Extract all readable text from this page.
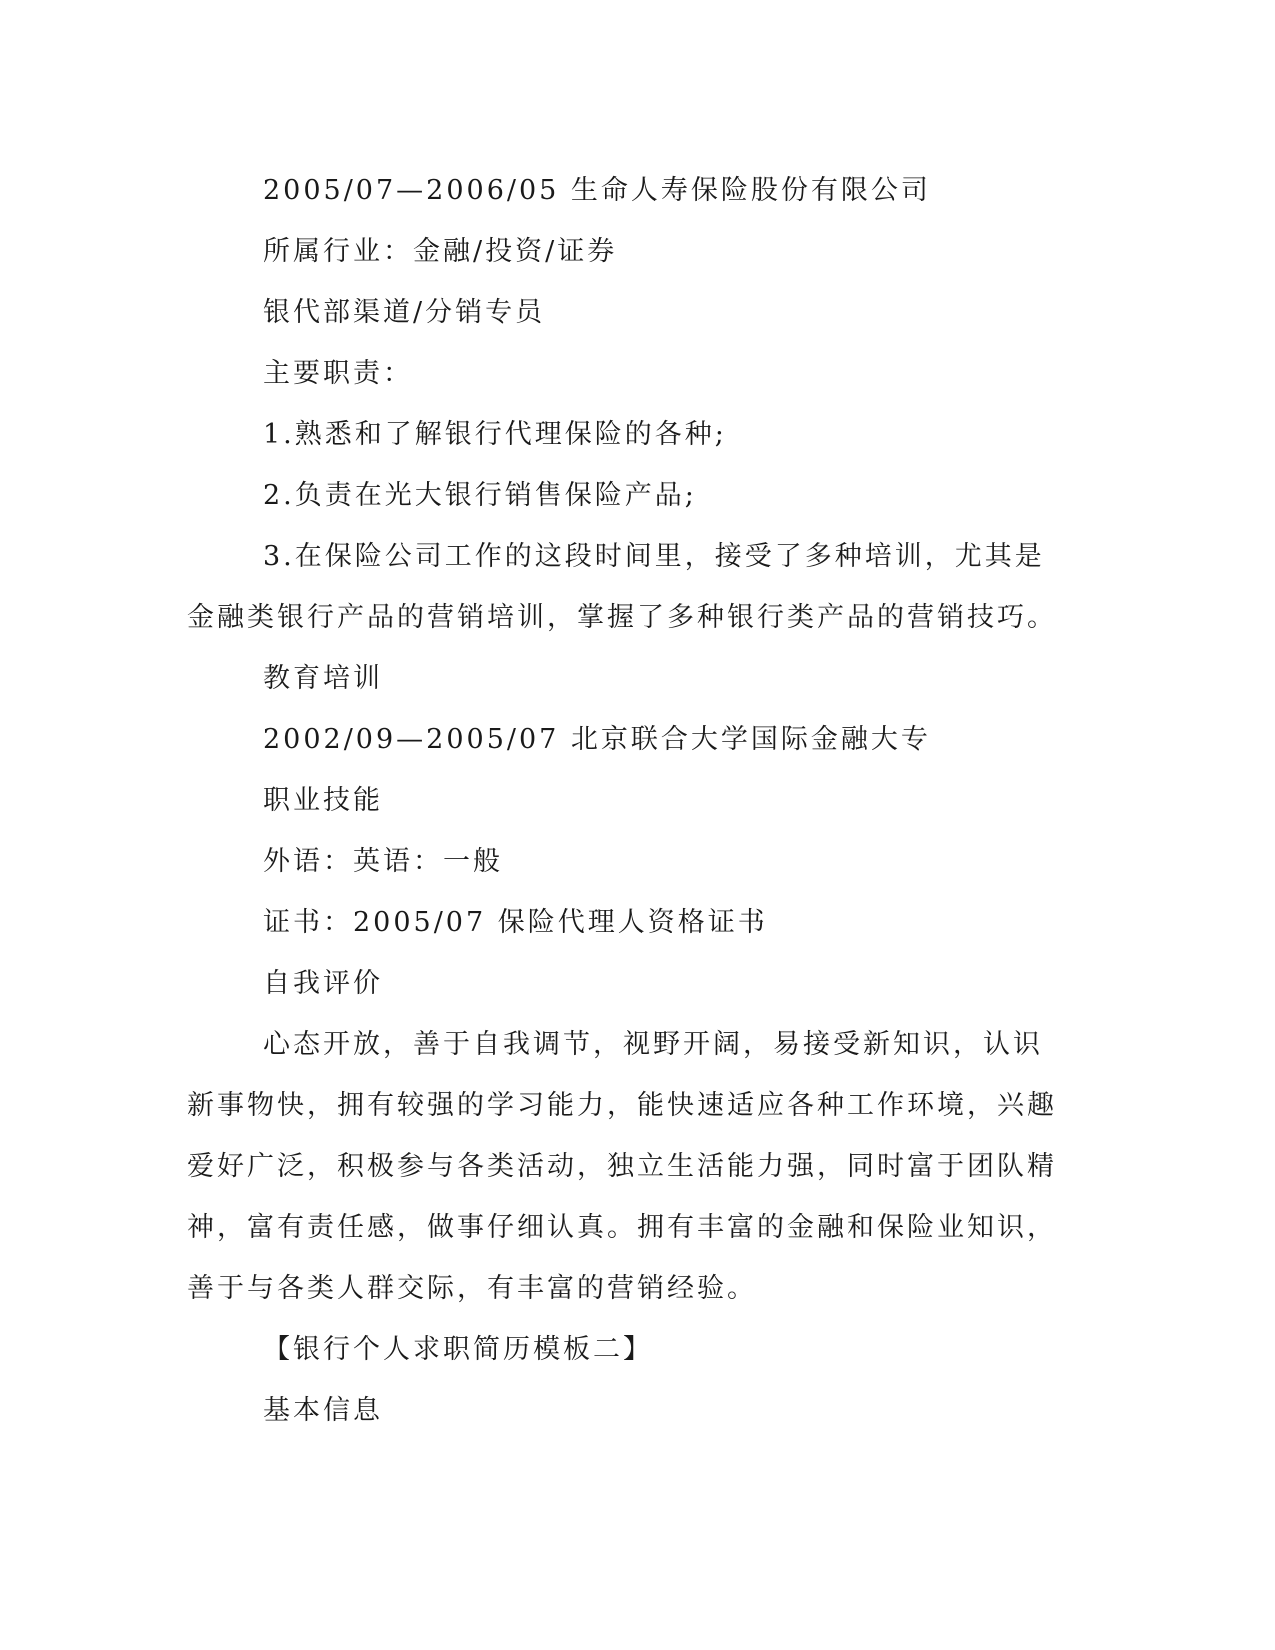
2005/07—2006/05 生命人寿保险股份有限公司

所属行业：金融/投资/证券

银代部渠道/分销专员

主要职责：

1.熟悉和了解银行代理保险的各种;

2.负责在光大银行销售保险产品;

3.在保险公司工作的这段时间里，接受了多种培训，尤其是金融类银行产品的营销培训，掌握了多种银行类产品的营销技巧。

教育培训

2002/09—2005/07 北京联合大学国际金融大专

职业技能

外语：英语：一般

证书：2005/07 保险代理人资格证书

自我评价

心态开放，善于自我调节，视野开阔，易接受新知识，认识新事物快，拥有较强的学习能力，能快速适应各种工作环境，兴趣爱好广泛，积极参与各类活动，独立生活能力强，同时富于团队精神，富有责任感，做事仔细认真。拥有丰富的金融和保险业知识，善于与各类人群交际，有丰富的营销经验。

【银行个人求职简历模板二】

基本信息
